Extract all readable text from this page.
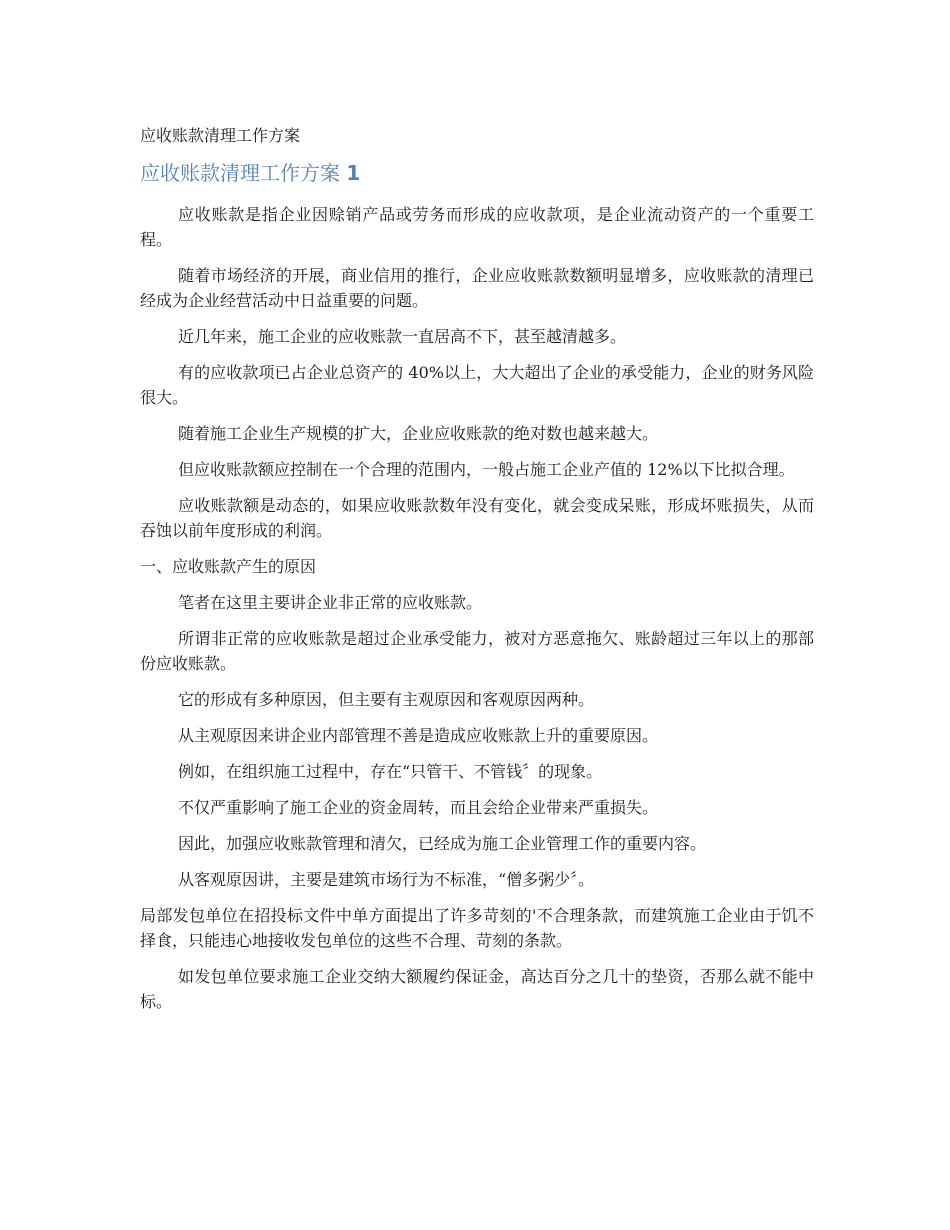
应收账款清理工作方案
应收账款清理工作方案 1

应收账款是指企业因赊销产品或劳务而形成的应收款项，是企业流动资产的一个重要工程。

随着市场经济的开展，商业信用的推行，企业应收账款数额明显增多，应收账款的清理已经成为企业经营活动中日益重要的问题。

近几年来，施工企业的应收账款一直居高不下，甚至越清越多。

有的应收款项已占企业总资产的 40%以上，大大超出了企业的承受能力，企业的财务风险很大。

随着施工企业生产规模的扩大，企业应收账款的绝对数也越来越大。

但应收账款额应控制在一个合理的范围内，一般占施工企业产值的 12%以下比拟合理。

应收账款额是动态的，如果应收账款数年没有变化，就会变成呆账，形成坏账损失，从而吞蚀以前年度形成的利润。

一、应收账款产生的原因

笔者在这里主要讲企业非正常的应收账款。

所谓非正常的应收账款是超过企业承受能力，被对方恶意拖欠、账龄超过三年以上的那部份应收账款。

它的形成有多种原因，但主要有主观原因和客观原因两种。

从主观原因来讲企业内部管理不善是造成应收账款上升的重要原因。

例如，在组织施工过程中，存在“只管干、不管钱〞的现象。

不仅严重影响了施工企业的资金周转，而且会给企业带来严重损失。

因此，加强应收账款管理和清欠，已经成为施工企业管理工作的重要内容。

从客观原因讲，主要是建筑市场行为不标准，“僧多粥少〞。

局部发包单位在招投标文件中单方面提出了许多苛刻的'不合理条款，而建筑施工企业由于饥不择食，只能违心地接收发包单位的这些不合理、苛刻的条款。

如发包单位要求施工企业交纳大额履约保证金，高达百分之几十的垫资，否那么就不能中标。
